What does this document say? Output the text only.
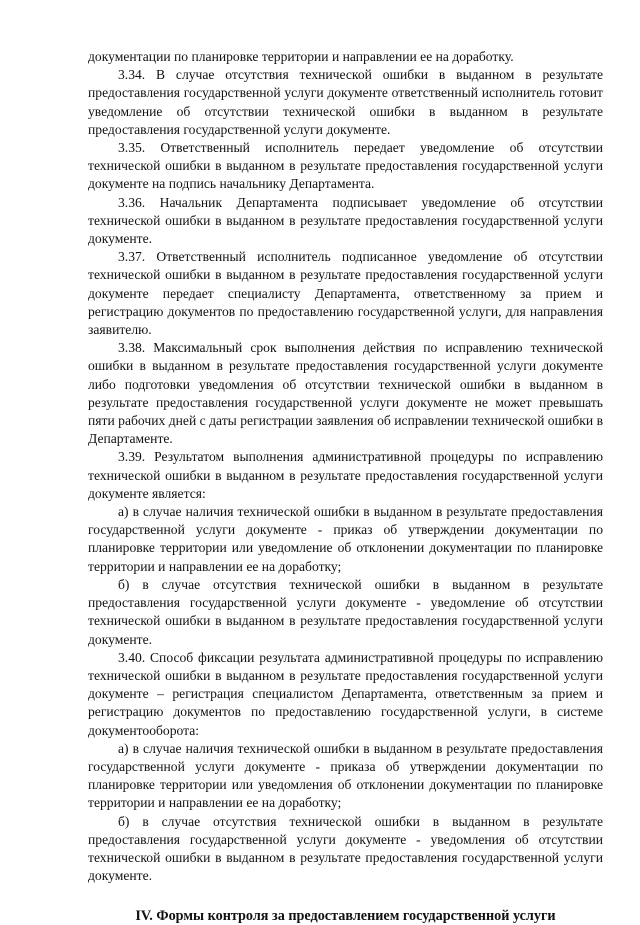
документации по планировке территории и направлении ее на доработку.

3.34. В случае отсутствия технической ошибки в выданном в результате предоставления государственной услуги документе ответственный исполнитель готовит уведомление об отсутствии технической ошибки в выданном в результате предоставления государственной услуги документе.

3.35. Ответственный исполнитель передает уведомление об отсутствии технической ошибки в выданном в результате предоставления государственной услуги документе на подпись начальнику Департамента.

3.36. Начальник Департамента подписывает уведомление об отсутствии технической ошибки в выданном в результате предоставления государственной услуги документе.

3.37. Ответственный исполнитель подписанное уведомление об отсутствии технической ошибки в выданном в результате предоставления государственной услуги документе передает специалисту Департамента, ответственному за прием и регистрацию документов по предоставлению государственной услуги, для направления заявителю.

3.38. Максимальный срок выполнения действия по исправлению технической ошибки в выданном в результате предоставления государственной услуги документе либо подготовки уведомления об отсутствии технической ошибки в выданном в результате предоставления государственной услуги документе не может превышать пяти рабочих дней с даты регистрации заявления об исправлении технической ошибки в Департаменте.

3.39. Результатом выполнения административной процедуры по исправлению технической ошибки в выданном в результате предоставления государственной услуги документе является:

а) в случае наличия технической ошибки в выданном в результате предоставления государственной услуги документе - приказ об утверждении документации по планировке территории или уведомление об отклонении документации по планировке территории и направлении ее на доработку;

б) в случае отсутствия технической ошибки в выданном в результате предоставления государственной услуги документе - уведомление об отсутствии технической ошибки в выданном в результате предоставления государственной услуги документе.

3.40. Способ фиксации результата административной процедуры по исправлению технической ошибки в выданном в результате предоставления государственной услуги документе – регистрация специалистом Департамента, ответственным за прием и регистрацию документов по предоставлению государственной услуги, в системе документооборота:

а) в случае наличия технической ошибки в выданном в результате предоставления государственной услуги документе - приказа об утверждении документации по планировке территории или уведомления об отклонении документации по планировке территории и направлении ее на доработку;

б) в случае отсутствия технической ошибки в выданном в результате предоставления государственной услуги документе - уведомления об отсутствии технической ошибки в выданном в результате предоставления государственной услуги документе.

IV. Формы контроля за предоставлением государственной услуги
